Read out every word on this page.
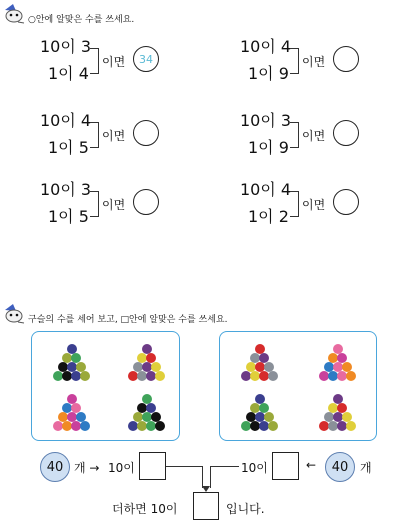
○안에 알맞은 수를 쓰세요.
10이 3
1이 4
이면	34
10이 4
1이 9
이면
10이 4
1이 5
이면
10이 3
1이 9
이면
10이 3
1이 5
이면
10이 4
1이 2
이면
구슬의 수를 세어 보고, □안에 알맞은 수를 쓰세요.
40 개 → 10이	10이	←	40 개
더하면 10이	입니다.
